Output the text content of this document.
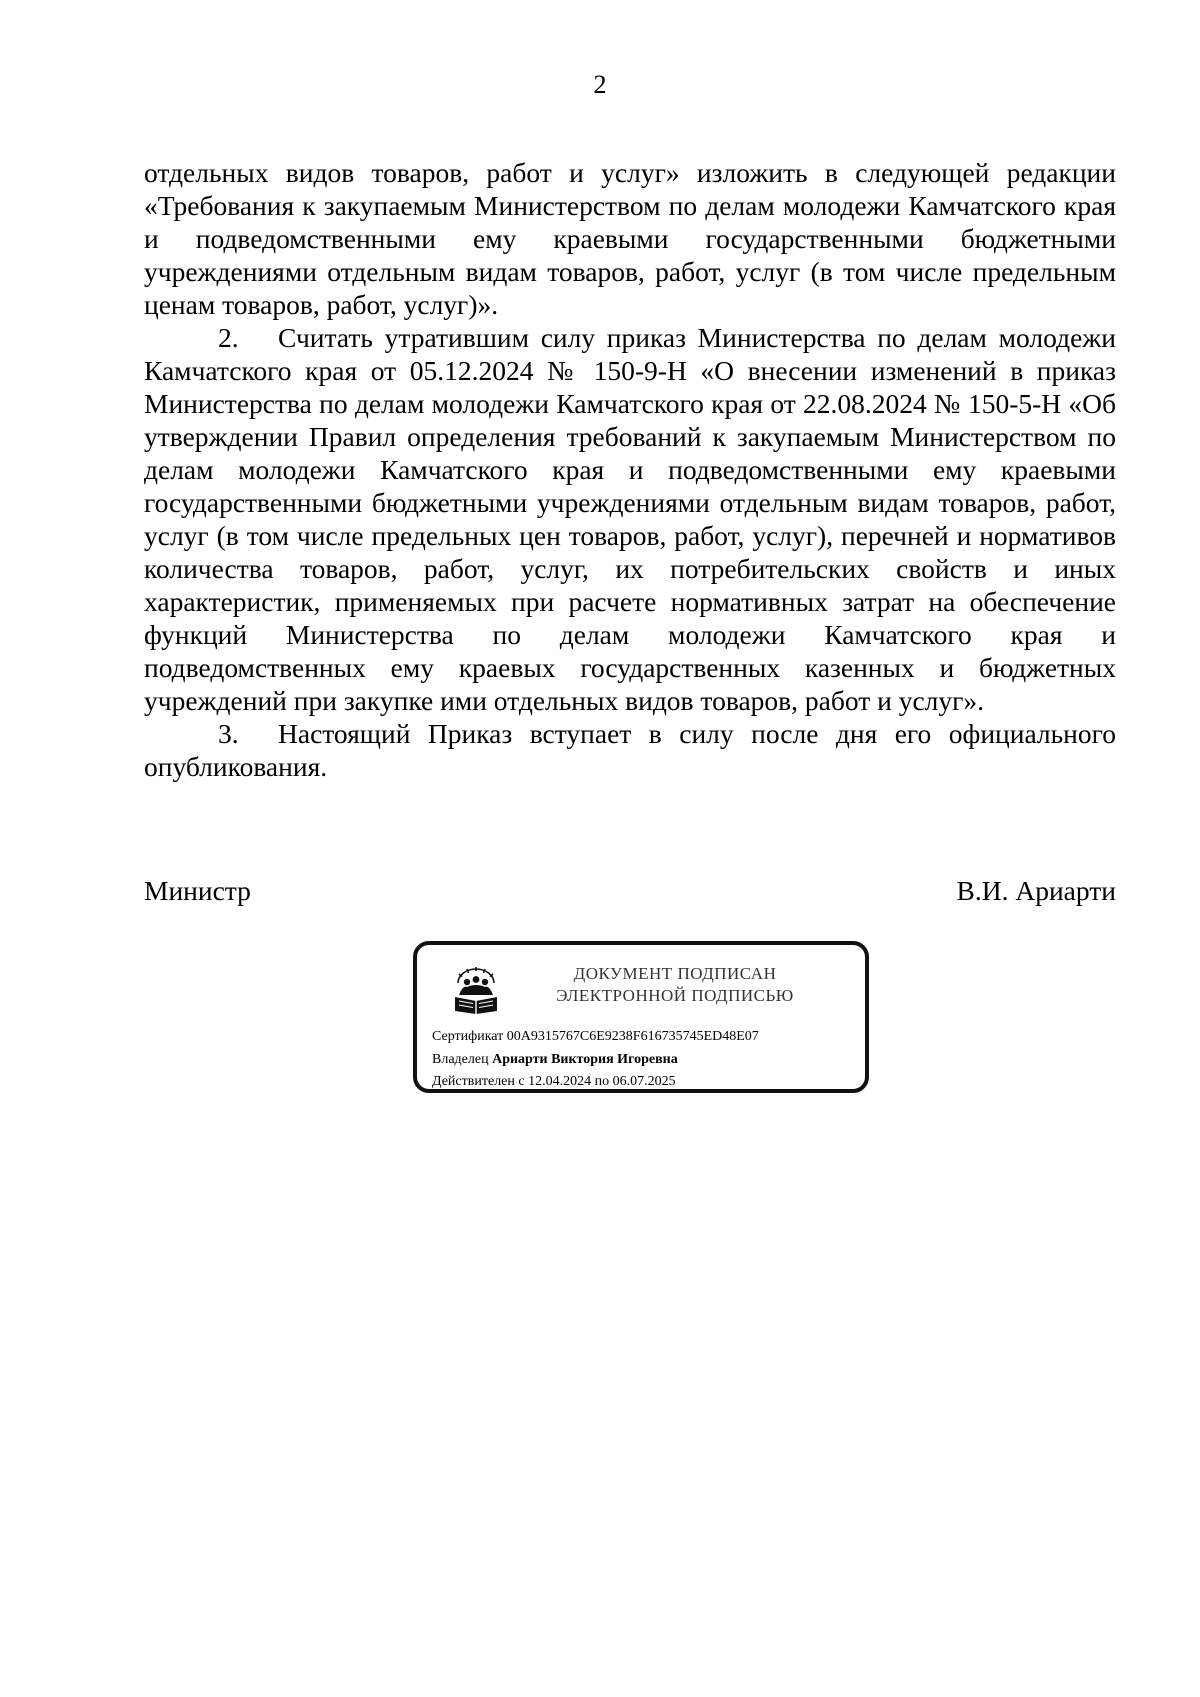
2

отдельных видов товаров, работ и услуг» изложить в следующей редакции «Требования к закупаемым Министерством по делам молодежи Камчатского края и подведомственными ему краевыми государственными бюджетными учреждениями отдельным видам товаров, работ, услуг (в том числе предельным ценам товаров, работ, услуг)».

2. Считать утратившим силу приказ Министерства по делам молодежи Камчатского края от 05.12.2024 № 150-9-Н «О внесении изменений в приказ Министерства по делам молодежи Камчатского края от 22.08.2024 № 150-5-Н «Об утверждении Правил определения требований к закупаемым Министерством по делам молодежи Камчатского края и подведомственными ему краевыми государственными бюджетными учреждениями отдельным видам товаров, работ, услуг (в том числе предельных цен товаров, работ, услуг), перечней и нормативов количества товаров, работ, услуг, их потребительских свойств и иных характеристик, применяемых при расчете нормативных затрат на обеспечение функций Министерства по делам молодежи Камчатского края и подведомственных ему краевых государственных казенных и бюджетных учреждений при закупке ими отдельных видов товаров, работ и услуг».

3. Настоящий Приказ вступает в силу после дня его официального опубликования.

Министр	В.И. Ариарти
ДОКУМЕНТ ПОДПИСАН
ЭЛЕКТРОННОЙ ПОДПИСЬЮ
Сертификат 00A9315767C6E9238F616735745ED48E07
Владелец Ариарти Виктория Игоревна
Действителен с 12.04.2024 по 06.07.2025
